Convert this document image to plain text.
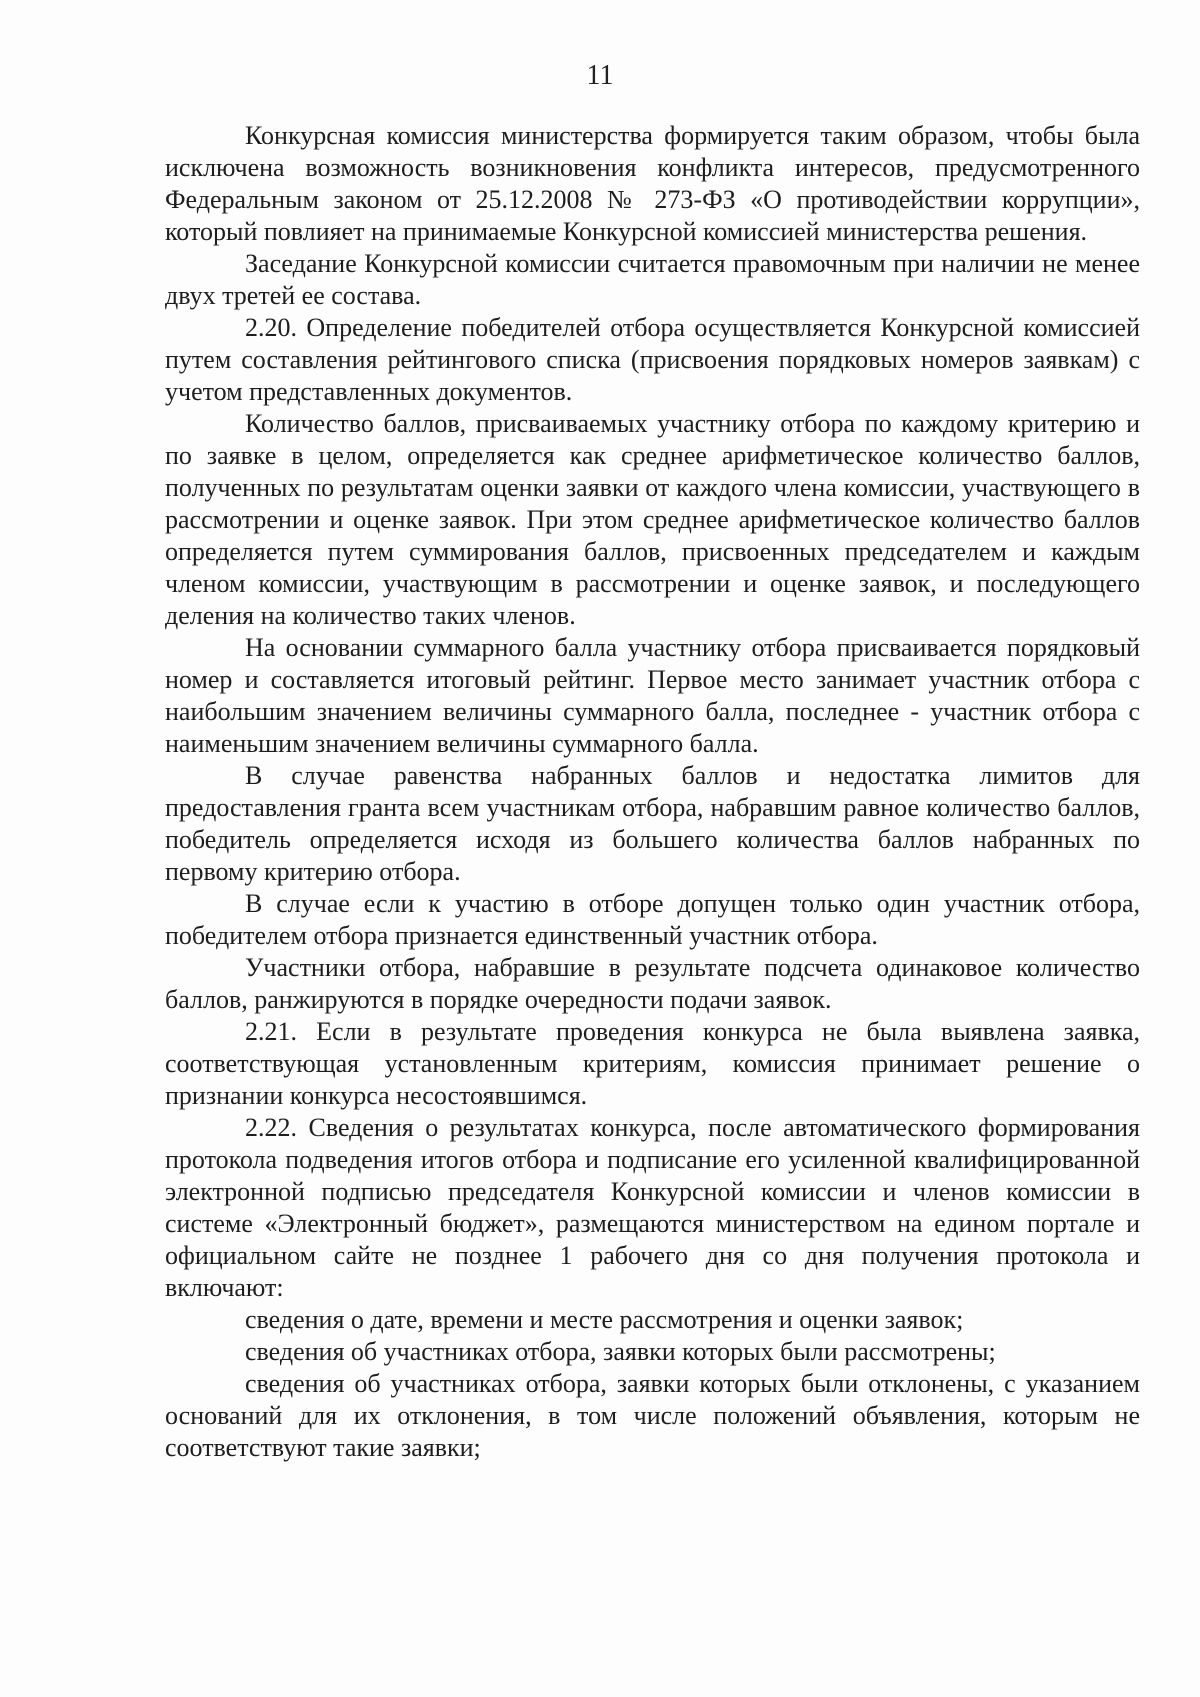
11

Конкурсная комиссия министерства формируется таким образом, чтобы была исключена возможность возникновения конфликта интересов, предусмотренного Федеральным законом от 25.12.2008 № 273-ФЗ «О противодействии коррупции», который повлияет на принимаемые Конкурсной комиссией министерства решения.

Заседание Конкурсной комиссии считается правомочным при наличии не менее двух третей ее состава.

2.20. Определение победителей отбора осуществляется Конкурсной комиссией путем составления рейтингового списка (присвоения порядковых номеров заявкам) с учетом представленных документов.

Количество баллов, присваиваемых участнику отбора по каждому критерию и по заявке в целом, определяется как среднее арифметическое количество баллов, полученных по результатам оценки заявки от каждого члена комиссии, участвующего в рассмотрении и оценке заявок. При этом среднее арифметическое количество баллов определяется путем суммирования баллов, присвоенных председателем и каждым членом комиссии, участвующим в рассмотрении и оценке заявок, и последующего деления на количество таких членов.

На основании суммарного балла участнику отбора присваивается порядковый номер и составляется итоговый рейтинг. Первое место занимает участник отбора с наибольшим значением величины суммарного балла, последнее - участник отбора с наименьшим значением величины суммарного балла.

В случае равенства набранных баллов и недостатка лимитов для предоставления гранта всем участникам отбора, набравшим равное количество баллов, победитель определяется исходя из большего количества баллов набранных по первому критерию отбора.

В случае если к участию в отборе допущен только один участник отбора, победителем отбора признается единственный участник отбора.

Участники отбора, набравшие в результате подсчета одинаковое количество баллов, ранжируются в порядке очередности подачи заявок.

2.21. Если в результате проведения конкурса не была выявлена заявка, соответствующая установленным критериям, комиссия принимает решение о признании конкурса несостоявшимся.

2.22. Сведения о результатах конкурса, после автоматического формирования протокола подведения итогов отбора и подписание его усиленной квалифицированной электронной подписью председателя Конкурсной комиссии и членов комиссии в системе «Электронный бюджет», размещаются министерством на едином портале и официальном сайте не позднее 1 рабочего дня со дня получения протокола и включают:

сведения о дате, времени и месте рассмотрения и оценки заявок;

сведения об участниках отбора, заявки которых были рассмотрены;

сведения об участниках отбора, заявки которых были отклонены, с указанием оснований для их отклонения, в том числе положений объявления, которым не соответствуют такие заявки;
